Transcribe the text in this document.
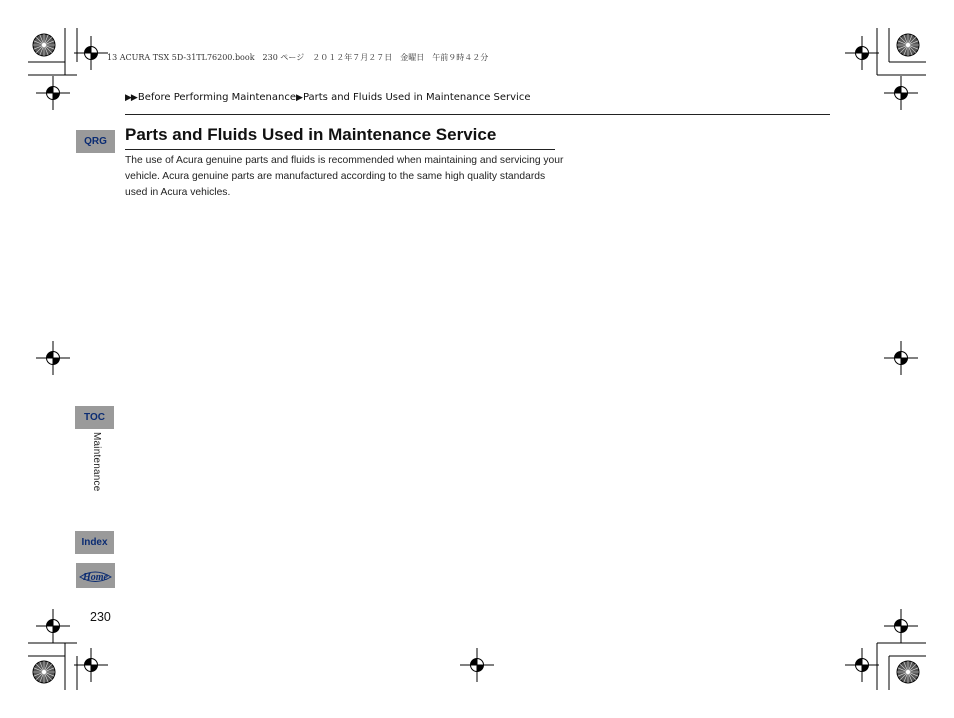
13 ACURA TSX 5D-31TL76200.book　230 ページ　２０１２年７月２７日　金曜日　午前９時４２分
▶▶Before Performing Maintenance▶Parts and Fluids Used in Maintenance Service
QRG	Parts and Fluids Used in Maintenance Service

The use of Acura genuine parts and fluids is recommended when maintaining and servicing your vehicle. Acura genuine parts are manufactured according to the same high quality standards used in Acura vehicles.

TOC
Maintenance
Index
Home
230
